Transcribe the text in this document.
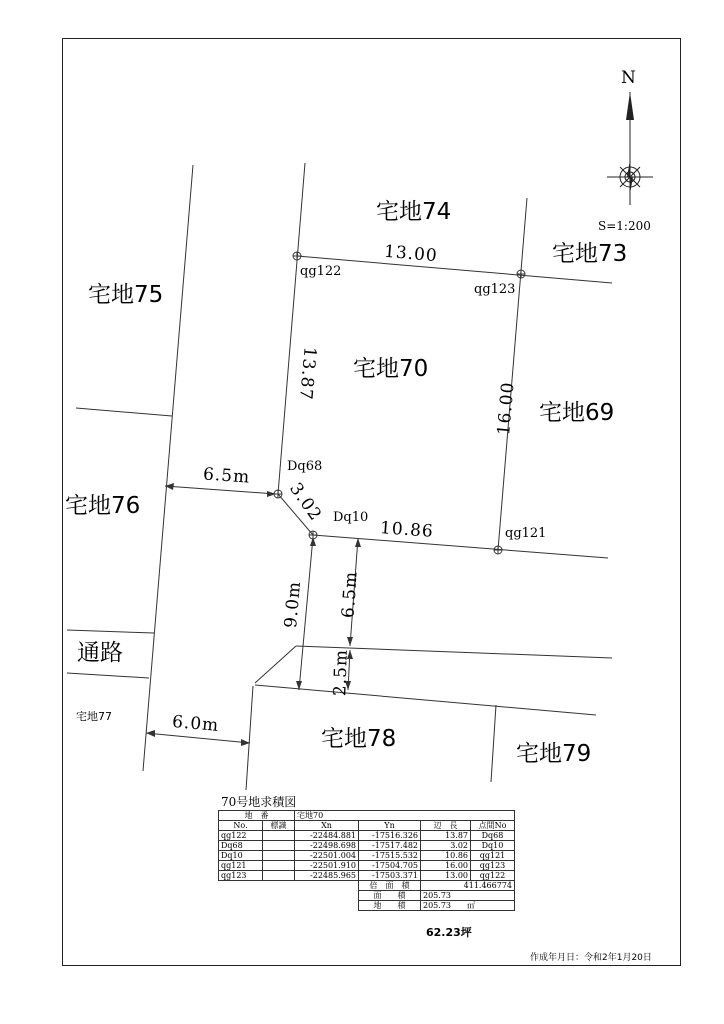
N
S=1:200
宅地74
宅地73
宅地75
宅地70
宅地69
宅地76
宅地78
宅地79
通路
宅地77
qg122
qg123
Dq68
Dq10
qg121
13.00
13.87
16.00
3.02
10.86
6.5m
9.0m 6.5m
2.5m
6.0m
70号地求積図
地　番		宅地70			
No.	標識	Xn	Yn	辺　長	点間No
qg122		-22484.881	-17516.326	13.87	Dq68
Dq68		-22498.698	-17517.482	3.02	Dq10
Dq10		-22501.004	-17515.532	10.86	qg121
qg121		-22501.910	-17504.705	16.00	qg123
qg123		-22485.965	-17503.371	13.00	qg122
			倍　面　積	411.466774	
			面　　積	205.73	
			地　　積	205.73　　㎡	
62.23坪
作成年月日：令和2年1月20日
